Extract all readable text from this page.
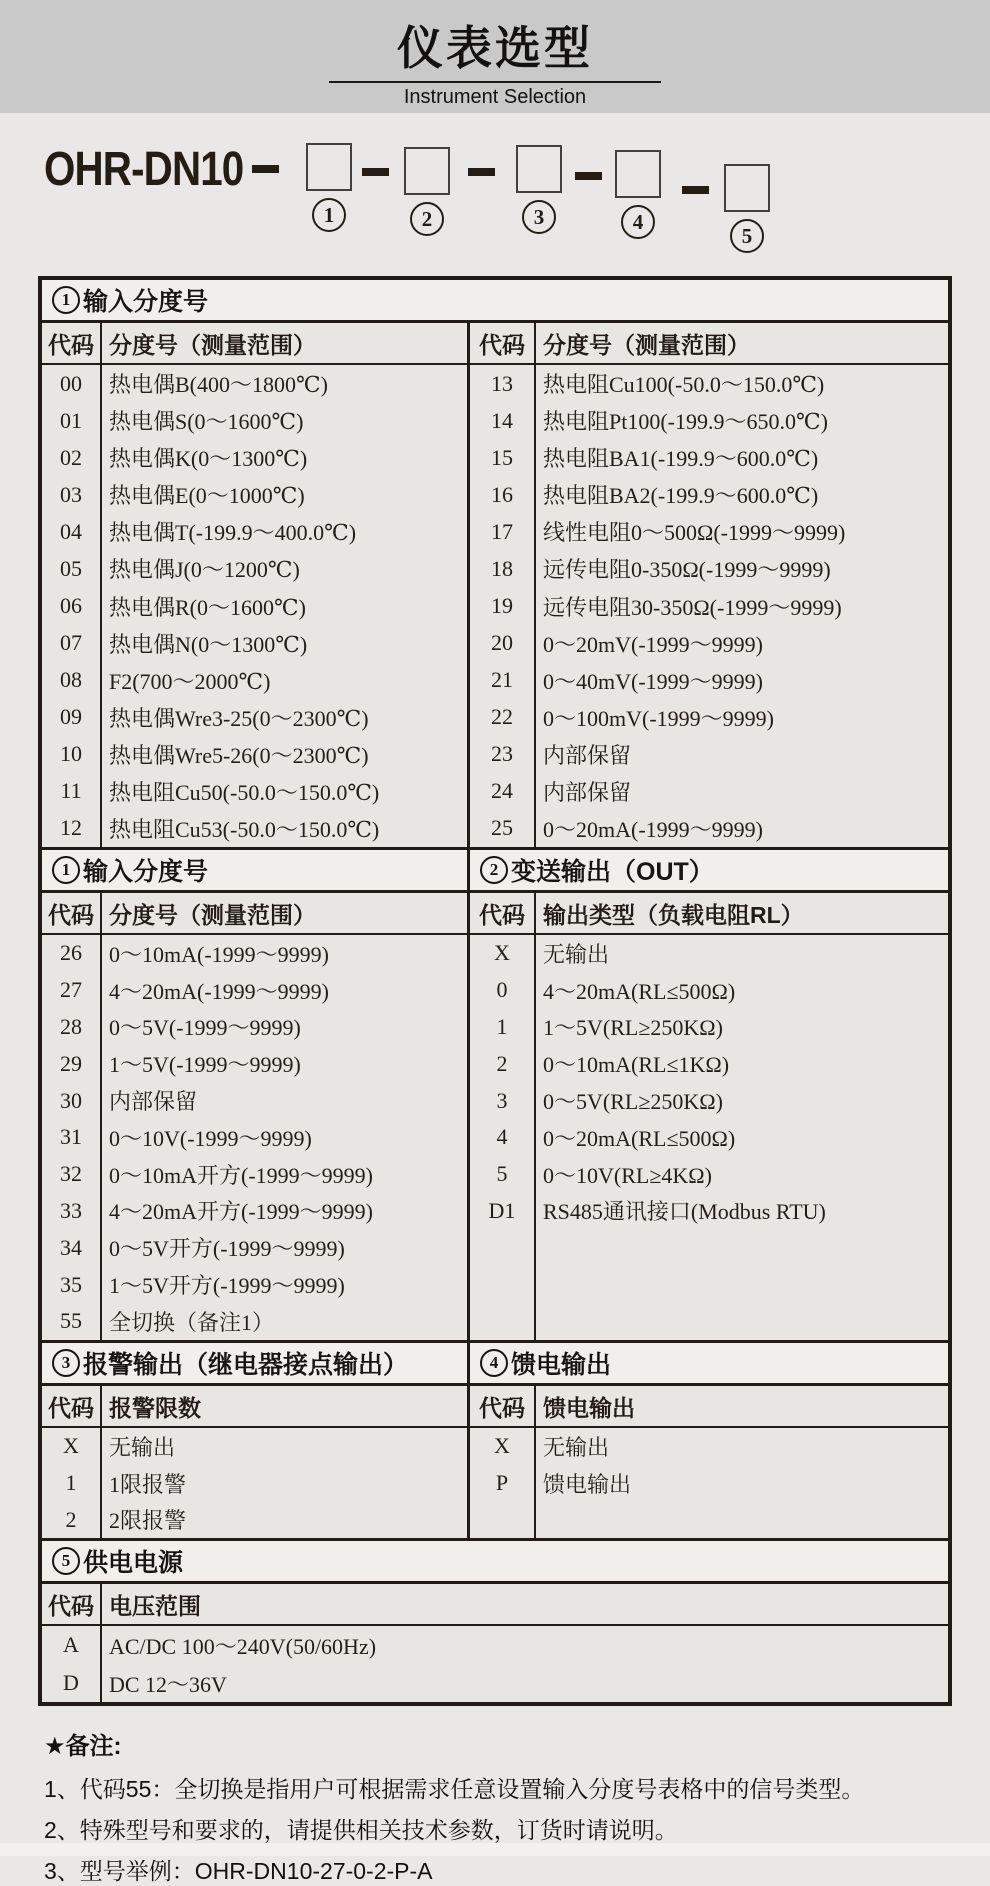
仪表选型
Instrument Selection
OHR-DN10
1	2	3	4
5
1 输入分度号
代码 分度号（测量范围）	代码 分度号（测量范围）
00	热电偶B(400～1800℃)
01	热电偶S(0～1600℃)
02	热电偶K(0～1300℃)
03	热电偶E(0～1000℃)
04	热电偶T(-199.9～400.0℃)
05	热电偶J(0～1200℃)
06	热电偶R(0～1600℃)
07	热电偶N(0～1300℃)
08	F2(700～2000℃)
09	热电偶Wre3-25(0～2300℃)
10	热电偶Wre5-26(0～2300℃)
11	热电阻Cu50(-50.0～150.0℃)
12	热电阻Cu53(-50.0～150.0℃)
13	热电阻Cu100(-50.0～150.0℃)
14	热电阻Pt100(-199.9～650.0℃)
15	热电阻BA1(-199.9～600.0℃)
16	热电阻BA2(-199.9～600.0℃)
17	线性电阻0～500Ω(-1999～9999)
18	远传电阻0-350Ω(-1999～9999)
19	远传电阻30-350Ω(-1999～9999)
20	0～20mV(-1999～9999)
21	0～40mV(-1999～9999)
22	0～100mV(-1999～9999)
23	内部保留
24	内部保留
25	0～20mA(-1999～9999)
1 输入分度号	2 变送输出（OUT）
代码 分度号（测量范围）	代码 输出类型（负载电阻RL）
26	0～10mA(-1999～9999)
27	4～20mA(-1999～9999)
28	0～5V(-1999～9999)
29	1～5V(-1999～9999)
30	内部保留
31	0～10V(-1999～9999)
32	0～10mA开方(-1999～9999)
33	4～20mA开方(-1999～9999)
34	0～5V开方(-1999～9999)
35	1～5V开方(-1999～9999)
55	全切换（备注1）
X	无输出
0	4～20mA(RL≤500Ω)
1	1～5V(RL≥250KΩ)
2	0～10mA(RL≤1KΩ)
3	0～5V(RL≥250KΩ)
4	0～20mA(RL≤500Ω)
5	0～10V(RL≥4KΩ)
D1	RS485通讯接口(Modbus RTU)
3 报警输出（继电器接点输出）	4 馈电输出
代码 报警限数	代码 馈电输出
X	无输出
1	1限报警
2	2限报警
X	无输出
P	馈电输出
5 供电电源
代码 电压范围
A	AC/DC 100～240V(50/60Hz)
D	DC 12～36V
★备注:
1、代码55：全切换是指用户可根据需求任意设置输入分度号表格中的信号类型。
2、特殊型号和要求的，请提供相关技术参数，订货时请说明。
3、型号举例：OHR-DN10-27-0-2-P-A
